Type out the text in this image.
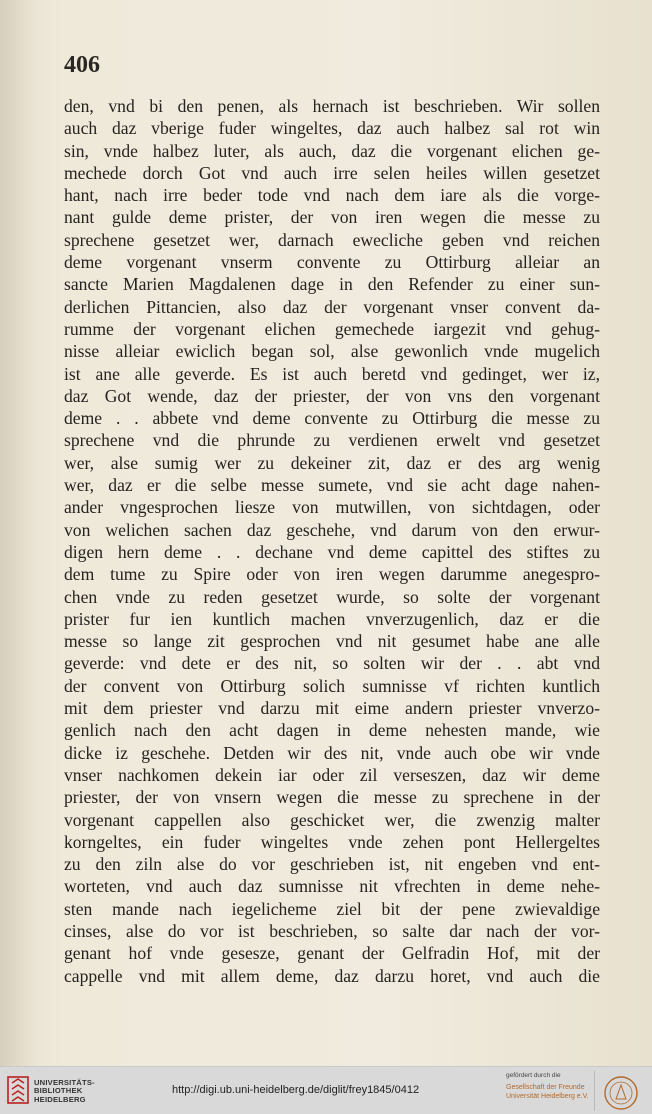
406
den, vnd bi den penen, als hernach ist beschrieben. Wir sollen
auch daz vberige fuder wingeltes, daz auch halbez sal rot win
sin, vnde halbez luter, als auch, daz die vorgenant elichen ge-
mechede dorch Got vnd auch irre selen heiles willen gesetzet
hant, nach irre beder tode vnd nach dem iare als die vorge-
nant gulde deme prister, der von iren wegen die messe zu
sprechene gesetzet wer, darnach ewecliche geben vnd reichen
deme vorgenant vnserm convente zu Ottirburg alleiar an
sancte Marien Magdalenen dage in den Refender zu einer sun-
derlichen Pittancien, also daz der vorgenant vnser convent da-
rumme der vorgenant elichen gemechede iargezit vnd gehug-
nisse alleiar ewiclich began sol, alse gewonlich vnde mugelich
ist ane alle geverde. Es ist auch beretd vnd gedinget, wer iz,
daz Got wende, daz der priester, der von vns den vorgenant
deme . . abbete vnd deme convente zu Ottirburg die messe zu
sprechene vnd die phrunde zu verdienen erwelt vnd gesetzet
wer, alse sumig wer zu dekeiner zit, daz er des arg wenig
wer, daz er die selbe messe sumete, vnd sie acht dage nahen-
ander vngesprochen liesze von mutwillen, von sichtdagen, oder
von welichen sachen daz geschehe, vnd darum von den erwur-
digen hern deme . . dechane vnd deme capittel des stiftes zu
dem tume zu Spire oder von iren wegen darumme anegespro-
chen vnde zu reden gesetzet wurde, so solte der vorgenant
prister fur ien kuntlich machen vnverzugenlich, daz er die
messe so lange zit gesprochen vnd nit gesumet habe ane alle
geverde: vnd dete er des nit, so solten wir der . . abt vnd
der convent von Ottirburg solich sumnisse vf richten kuntlich
mit dem priester vnd darzu mit eime andern priester vnverzo-
genlich nach den acht dagen in deme nehesten mande, wie
dicke iz geschehe. Detden wir des nit, vnde auch obe wir vnde
vnser nachkomen dekein iar oder zil verseszen, daz wir deme
priester, der von vnsern wegen die messe zu sprechene in der
vorgenant cappellen also geschicket wer, die zwenzig malter
korngeltes, ein fuder wingeltes vnde zehen pont Hellergeltes
zu den ziln alse do vor geschrieben ist, nit engeben vnd ent-
worteten, vnd auch daz sumnisse nit vfrechten in deme nehe-
sten mande nach iegelicheme ziel bit der pene zwievaldige
cinses, alse do vor ist beschrieben, so salte dar nach der vor-
genant hof vnde gesesze, genant der Gelfradin Hof, mit der
cappelle vnd mit allem deme, daz darzu horet, vnd auch die
UNIVERSITÄTS-
BIBLIOTHEK
HEIDELBERG
http://digi.ub.uni-heidelberg.de/diglit/frey1845/0412
gefördert durch die
Gesellschaft der Freunde
Universität Heidelberg e.V.
